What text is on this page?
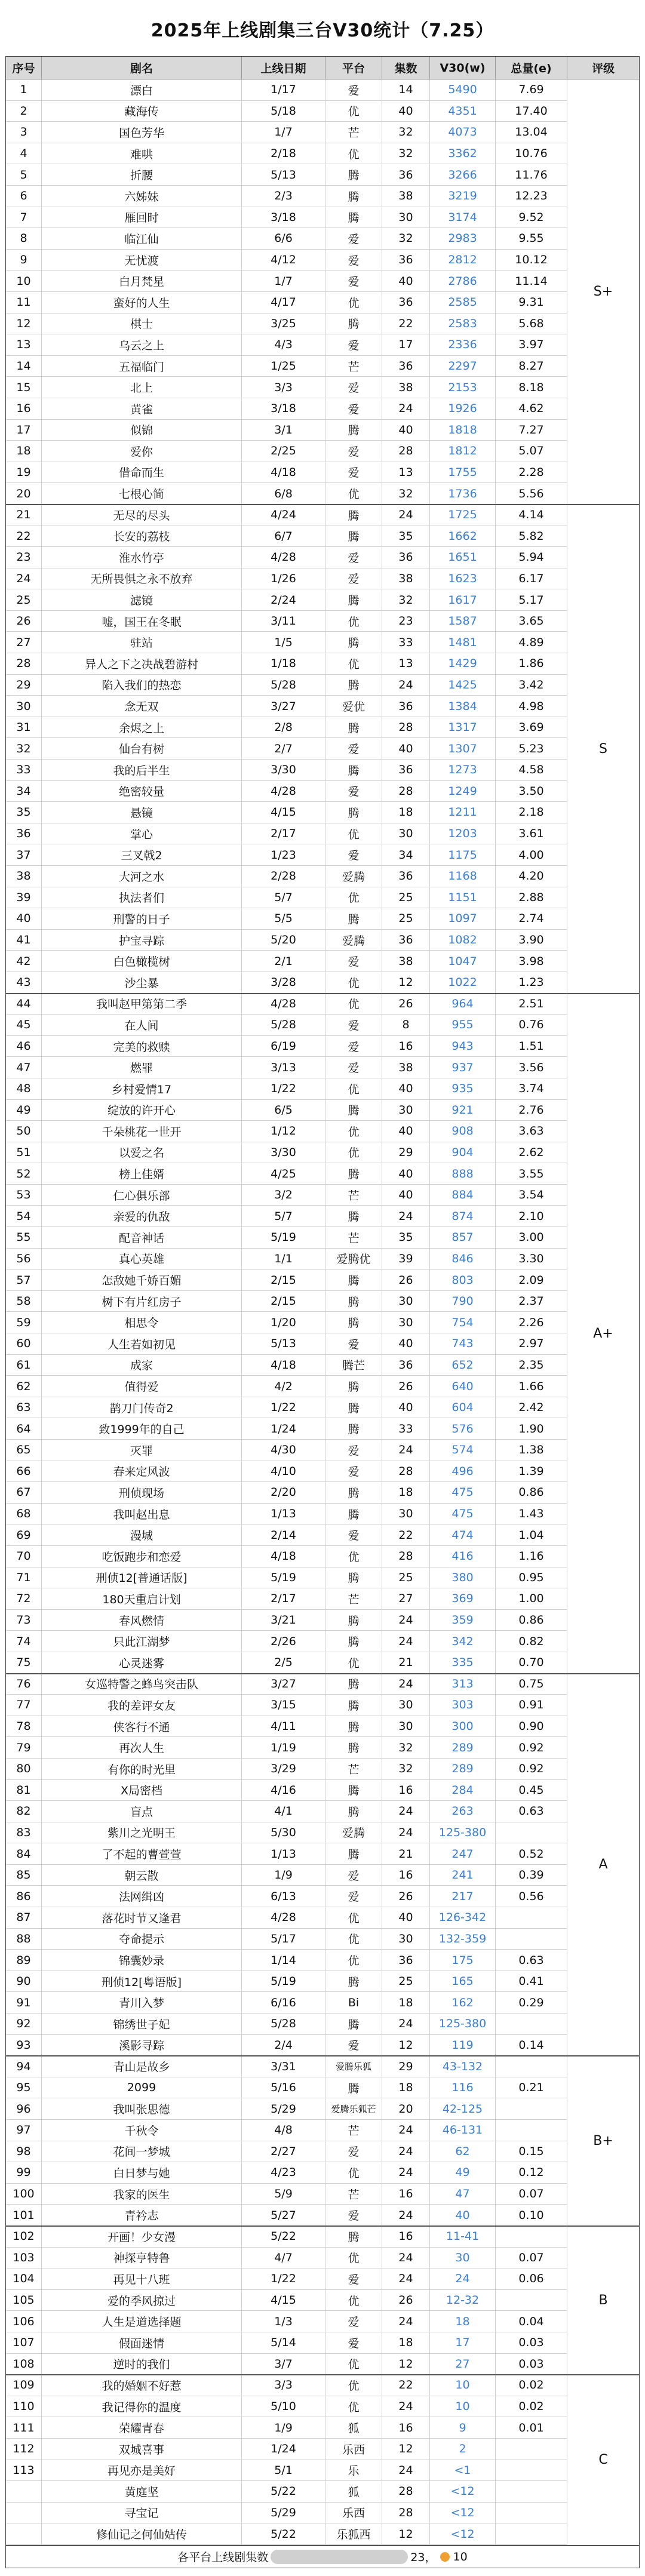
2025年上线剧集三台V30统计（7.25）
序号	剧名	上线日期	平台	集数	V30(w)	总量(e)	评级
1	漂白	1/17	爱	14	5490	7.69
2	藏海传	5/18	优	40	4351	17.40
3	国色芳华	1/7	芒	32	4073	13.04
4	难哄	2/18	优	32	3362	10.76
5	折腰	5/13	腾	36	3266	11.76
6	六姊妹	2/3	腾	38	3219	12.23
7	雁回时	3/18	腾	30	3174	9.52
8	临江仙	6/6	爱	32	2983	9.55
9	无忧渡	4/12	爱	36	2812	10.12
10	白月梵星	1/7	爱	40	2786	11.14
11	蛮好的人生	4/17	优	36	2585	9.31
12	棋士	3/25	腾	22	2583	5.68
13	乌云之上	4/3	爱	17	2336	3.97
14	五福临门	1/25	芒	36	2297	8.27
15	北上	3/3	爱	38	2153	8.18
16	黄雀	3/18	爱	24	1926	4.62
17	似锦	3/1	腾	40	1818	7.27
18	爱你	2/25	爱	28	1812	5.07
19	借命而生	4/18	爱	13	1755	2.28
20	七根心简	6/8	优	32	1736	5.56
S+
21	无尽的尽头	4/24	腾	24	1725	4.14
22	长安的荔枝	6/7	腾	35	1662	5.82
23	淮水竹亭	4/28	爱	36	1651	5.94
24	无所畏惧之永不放弃	1/26	爱	38	1623	6.17
25	滤镜	2/24	腾	32	1617	5.17
26	嘘，国王在冬眠	3/11	优	23	1587	3.65
27	驻站	1/5	腾	33	1481	4.89
28	异人之下之决战碧游村	1/18	优	13	1429	1.86
29	陷入我们的热恋	5/28	腾	24	1425	3.42
30	念无双	3/27	爱优	36	1384	4.98
31	余烬之上	2/8	腾	28	1317	3.69
32	仙台有树	2/7	爱	40	1307	5.23
33	我的后半生	3/30	腾	36	1273	4.58
34	绝密较量	4/28	爱	28	1249	3.50
35	悬镜	4/15	腾	18	1211	2.18
36	掌心	2/17	优	30	1203	3.61
37	三叉戟2	1/23	爱	34	1175	4.00
38	大河之水	2/28	爱腾	36	1168	4.20
39	执法者们	5/7	优	25	1151	2.88
40	刑警的日子	5/5	腾	25	1097	2.74
41	护宝寻踪	5/20	爱腾	36	1082	3.90
42	白色橄榄树	2/1	爱	38	1047	3.98
43	沙尘暴	3/28	优	12	1022	1.23
S
44	我叫赵甲第第二季	4/28	优	26	964	2.51
45	在人间	5/28	爱	8	955	0.76
46	完美的救赎	6/19	爱	16	943	1.51
47	燃罪	3/13	爱	38	937	3.56
48	乡村爱情17	1/22	优	40	935	3.74
49	绽放的许开心	6/5	腾	30	921	2.76
50	千朵桃花一世开	1/12	优	40	908	3.63
51	以爱之名	3/30	优	29	904	2.62
52	榜上佳婿	4/25	腾	40	888	3.55
53	仁心俱乐部	3/2	芒	40	884	3.54
54	亲爱的仇敌	5/7	腾	24	874	2.10
55	配音神话	5/19	芒	35	857	3.00
56	真心英雄	1/1	爱腾优	39	846	3.30
57	怎敌她千娇百媚	2/15	腾	26	803	2.09
58	树下有片红房子	2/15	腾	30	790	2.37
59	相思令	1/20	腾	30	754	2.26
60	人生若如初见	5/13	爱	40	743	2.97
61	成家	4/18	腾芒	36	652	2.35
62	值得爱	4/2	腾	26	640	1.66
63	鹊刀门传奇2	1/22	腾	40	604	2.42
64	致1999年的自己	1/24	腾	33	576	1.90
65	灭罪	4/30	爱	24	574	1.38
66	春来定风波	4/10	爱	28	496	1.39
67	刑侦现场	2/20	腾	18	475	0.86
68	我叫赵出息	1/13	腾	30	475	1.43
69	漫城	2/14	爱	22	474	1.04
70	吃饭跑步和恋爱	4/18	优	28	416	1.16
71	刑侦12[普通话版]	5/19	腾	25	380	0.95
72	180天重启计划	2/17	芒	27	369	1.00
73	春风燃情	3/21	腾	24	359	0.86
74	只此江湖梦	2/26	腾	24	342	0.82
75	心灵迷雾	2/5	优	21	335	0.70
A+
76	女巡特警之蜂鸟突击队	3/27	腾	24	313	0.75
77	我的差评女友	3/15	腾	30	303	0.91
78	侠客行不通	4/11	腾	30	300	0.90
79	再次人生	1/19	腾	32	289	0.92
80	有你的时光里	3/29	芒	32	289	0.92
81	X局密档	4/16	腾	16	284	0.45
82	盲点	4/1	腾	24	263	0.63
83	紫川之光明王	5/30	爱腾	24	125-380
84	了不起的曹萱萱	1/13	腾	21	247	0.52
85	朝云散	1/9	爱	16	241	0.39
86	法网缉凶	6/13	爱	26	217	0.56
87	落花时节又逢君	4/28	优	40	126-342
88	夺命提示	5/17	优	30	132-359
89	锦囊妙录	1/14	优	36	175	0.63
90	刑侦12[粤语版]	5/19	腾	25	165	0.41
91	青川入梦	6/16	Bi	18	162	0.29
92	锦绣世子妃	5/28	腾	24	125-380
93	溪影寻踪	2/4	爱	12	119	0.14
A
94	青山是故乡	3/31	爱腾乐狐	29	43-132
95	2099	5/16	腾	18	116	0.21
96	我叫张思德	5/29	爱腾乐狐芒	20	42-125
97	千秋令	4/8	芒	24	46-131
98	花间一梦城	2/27	爱	24	62	0.15
99	白日梦与她	4/23	优	24	49	0.12
100	我家的医生	5/9	芒	16	47	0.07
101	青衿志	5/27	爱	24	40	0.10
B+
102	开画！少女漫	5/22	腾	16	11-41
103	神探亨特鲁	4/7	优	24	30	0.07
104	再见十八班	1/22	爱	24	24	0.06
105	爱的季风掠过	4/15	优	26	12-32
106	人生是道选择题	1/3	爱	24	18	0.04
107	假面迷情	5/14	爱	18	17	0.03
108	逆时的我们	3/7	优	12	27	0.03
B
109	我的婚姻不好惹	3/3	优	22	10	0.02
110	我记得你的温度	5/10	优	24	10	0.02
111	荣耀青春	1/9	狐	16	9	0.01
112	双城喜事	1/24	乐西	12	2
113	再见亦是美好	5/1	乐	24	<1
黄庭坚	5/22	狐	28	<12
寻宝记	5/29	乐西	28	<12
修仙记之何仙姑传	5/22	乐狐西	12	<12
C
各平台上线剧集数	23， 10
